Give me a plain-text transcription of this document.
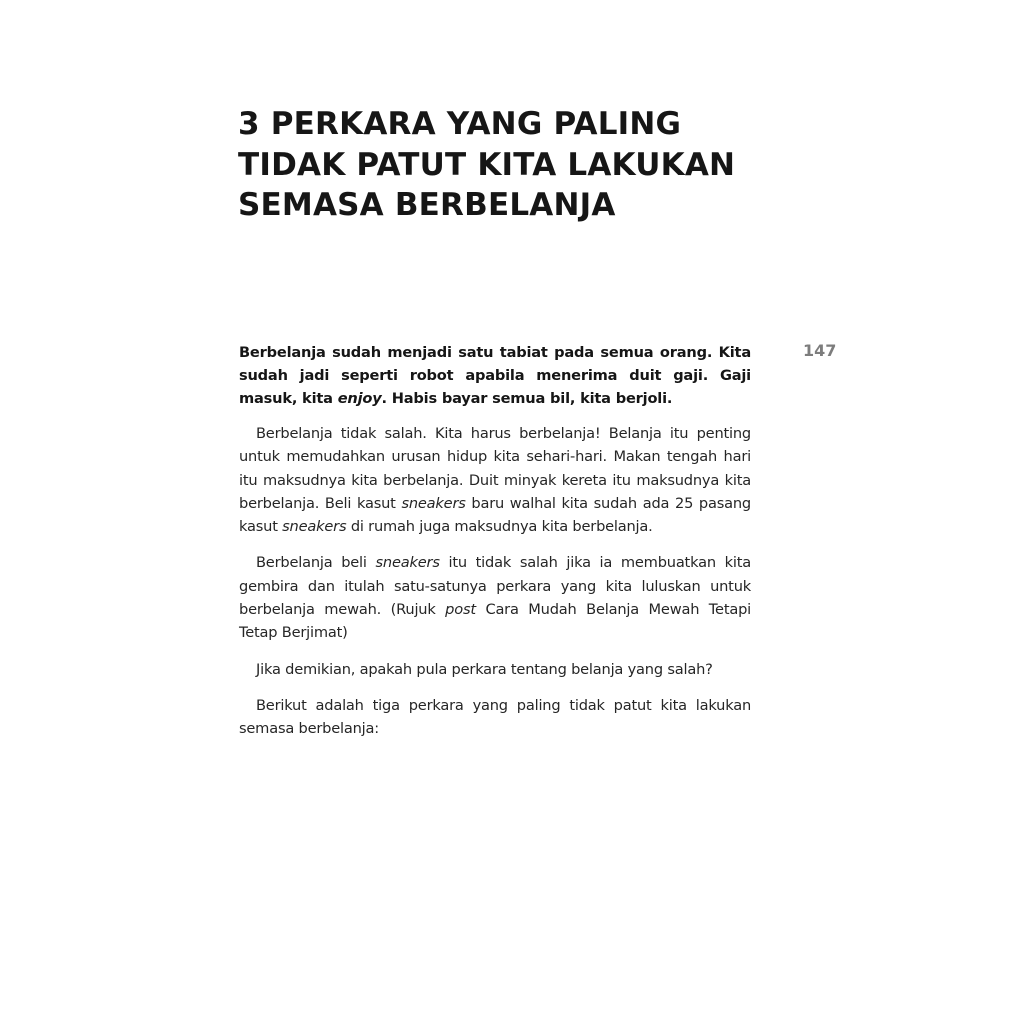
3 PERKARA YANG PALING TIDAK PATUT KITA LAKUKAN SEMASA BERBELANJA
147

Berbelanja sudah menjadi satu tabiat pada semua orang. Kita sudah jadi seperti robot apabila menerima duit gaji. Gaji masuk, kita enjoy. Habis bayar semua bil, kita berjoli.

Berbelanja tidak salah. Kita harus berbelanja! Belanja itu penting untuk memudahkan urusan hidup kita sehari-hari. Makan tengah hari itu maksudnya kita berbelanja. Duit minyak kereta itu maksudnya kita berbelanja. Beli kasut sneakers baru walhal kita sudah ada 25 pasang kasut sneakers di rumah juga maksudnya kita berbelanja.

Berbelanja beli sneakers itu tidak salah jika ia membuatkan kita gembira dan itulah satu-satunya perkara yang kita luluskan untuk berbelanja mewah. (Rujuk post Cara Mudah Belanja Mewah Tetapi Tetap Berjimat)

Jika demikian, apakah pula perkara tentang belanja yang salah?

Berikut adalah tiga perkara yang paling tidak patut kita lakukan semasa berbelanja:
